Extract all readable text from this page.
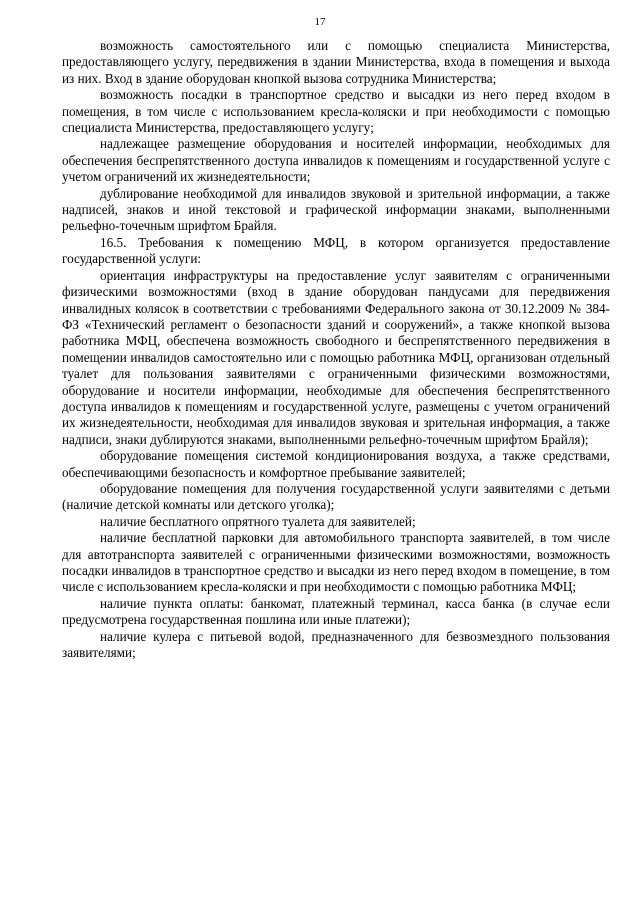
17

возможность самостоятельного или с помощью специалиста Министерства, предоставляющего услугу, передвижения в здании Министерства, входа в помещения и выхода из них. Вход в здание оборудован кнопкой вызова сотрудника Министерства;

возможность посадки в транспортное средство и высадки из него перед входом в помещения, в том числе с использованием кресла-коляски и при необходимости с помощью специалиста Министерства, предоставляющего услугу;

надлежащее размещение оборудования и носителей информации, необходимых для обеспечения беспрепятственного доступа инвалидов к помещениям и государственной услуге с учетом ограничений их жизнедеятельности;

дублирование необходимой для инвалидов звуковой и зрительной информации, а также надписей, знаков и иной текстовой и графической информации знаками, выполненными рельефно-точечным шрифтом Брайля.

16.5. Требования к помещению МФЦ, в котором организуется предоставление государственной услуги:

ориентация инфраструктуры на предоставление услуг заявителям с ограниченными физическими возможностями (вход в здание оборудован пандусами для передвижения инвалидных колясок в соответствии с требованиями Федерального закона от 30.12.2009 № 384-ФЗ «Технический регламент о безопасности зданий и сооружений», а также кнопкой вызова работника МФЦ, обеспечена возможность свободного и беспрепятственного передвижения в помещении инвалидов самостоятельно или с помощью работника МФЦ, организован отдельный туалет для пользования заявителями с ограниченными физическими возможностями, оборудование и носители информации, необходимые для обеспечения беспрепятственного доступа инвалидов к помещениям и государственной услуге, размещены с учетом ограничений их жизнедеятельности, необходимая для инвалидов звуковая и зрительная информация, а также надписи, знаки дублируются знаками, выполненными рельефно-точечным шрифтом Брайля);

оборудование помещения системой кондиционирования воздуха, а также средствами, обеспечивающими безопасность и комфортное пребывание заявителей;

оборудование помещения для получения государственной услуги заявителями с детьми (наличие детской комнаты или детского уголка);

наличие бесплатного опрятного туалета для заявителей;

наличие бесплатной парковки для автомобильного транспорта заявителей, в том числе для автотранспорта заявителей с ограниченными физическими возможностями, возможность посадки инвалидов в транспортное средство и высадки из него перед входом в помещение, в том числе с использованием кресла-коляски и при необходимости с помощью работника МФЦ;

наличие пункта оплаты: банкомат, платежный терминал, касса банка (в случае если предусмотрена государственная пошлина или иные платежи);

наличие кулера с питьевой водой, предназначенного для безвозмездного пользования заявителями;
